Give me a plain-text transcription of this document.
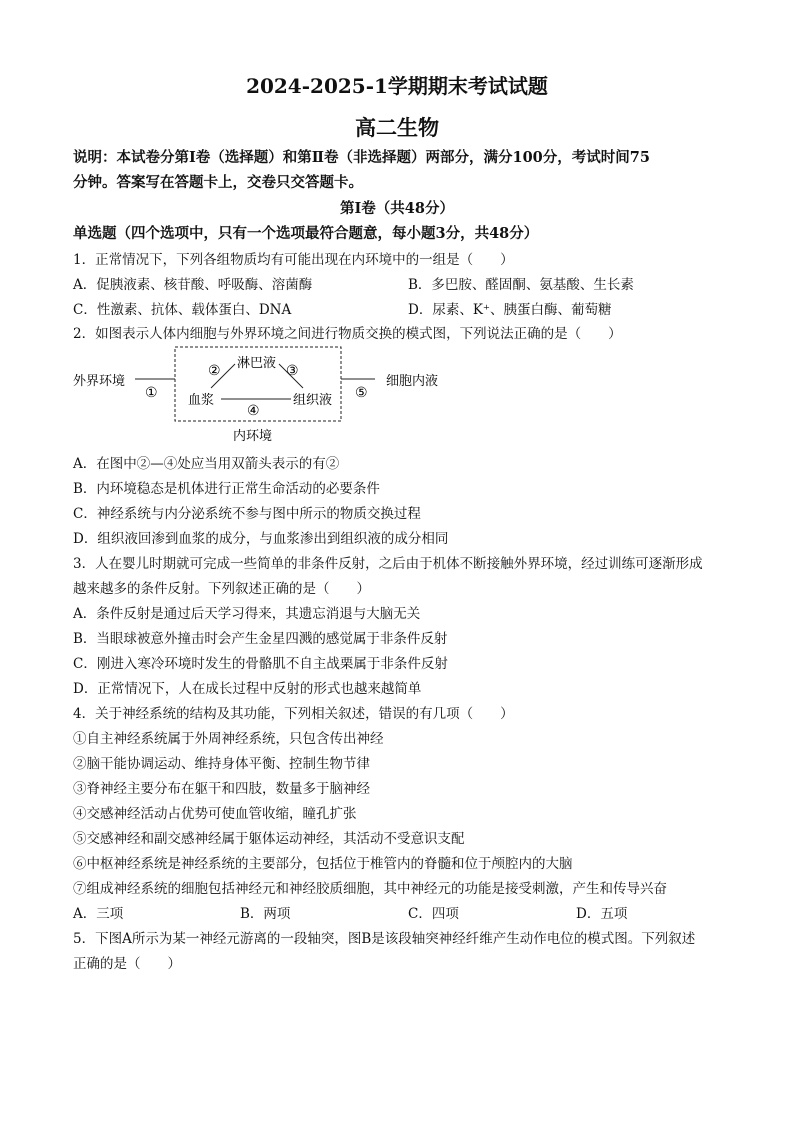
2024-2025-1学期期末考试试题
高二生物
说明：本试卷分第Ⅰ卷（选择题）和第Ⅱ卷（非选择题）两部分，满分100分，考试时间75
分钟。答案写在答题卡上，交卷只交答题卡。
第Ⅰ卷（共48分）
单选题（四个选项中，只有一个选项最符合题意，每小题3分，共48分）
1．正常情况下，下列各组物质均有可能出现在内环境中的一组是（　　）
A．促胰液素、核苷酸、呼吸酶、溶菌酶	B．多巴胺、醛固酮、氨基酸、生长素
C．性激素、抗体、载体蛋白、DNA	D．尿素、K⁺、胰蛋白酶、葡萄糖
2．如图表示人体内细胞与外界环境之间进行物质交换的模式图，下列说法正确的是（　　）
外界环境
①
淋巴液
②	③
血浆
④
组织液 ⑤
细胞内液
内环境
A．在图中②—④处应当用双箭头表示的有②
B．内环境稳态是机体进行正常生命活动的必要条件
C．神经系统与内分泌系统不参与图中所示的物质交换过程
D．组织液回渗到血浆的成分，与血浆渗出到组织液的成分相同
3．人在婴儿时期就可完成一些简单的非条件反射，之后由于机体不断接触外界环境，经过训练可逐渐形成
越来越多的条件反射。下列叙述正确的是（　　）
A．条件反射是通过后天学习得来，其遗忘消退与大脑无关
B．当眼球被意外撞击时会产生金星四溅的感觉属于非条件反射
C．刚进入寒冷环境时发生的骨骼肌不自主战栗属于非条件反射
D．正常情况下，人在成长过程中反射的形式也越来越简单
4．关于神经系统的结构及其功能，下列相关叙述，错误的有几项（　　）
①自主神经系统属于外周神经系统，只包含传出神经
②脑干能协调运动、维持身体平衡、控制生物节律
③脊神经主要分布在躯干和四肢，数量多于脑神经
④交感神经活动占优势可使血管收缩，瞳孔扩张
⑤交感神经和副交感神经属于躯体运动神经，其活动不受意识支配
⑥中枢神经系统是神经系统的主要部分，包括位于椎管内的脊髓和位于颅腔内的大脑
⑦组成神经系统的细胞包括神经元和神经胶质细胞，其中神经元的功能是接受刺激，产生和传导兴奋
A．三项	B．两项	C．四项	D．五项
5．下图A所示为某一神经元游离的一段轴突，图B是该段轴突神经纤维产生动作电位的模式图。下列叙述
正确的是（　　）
